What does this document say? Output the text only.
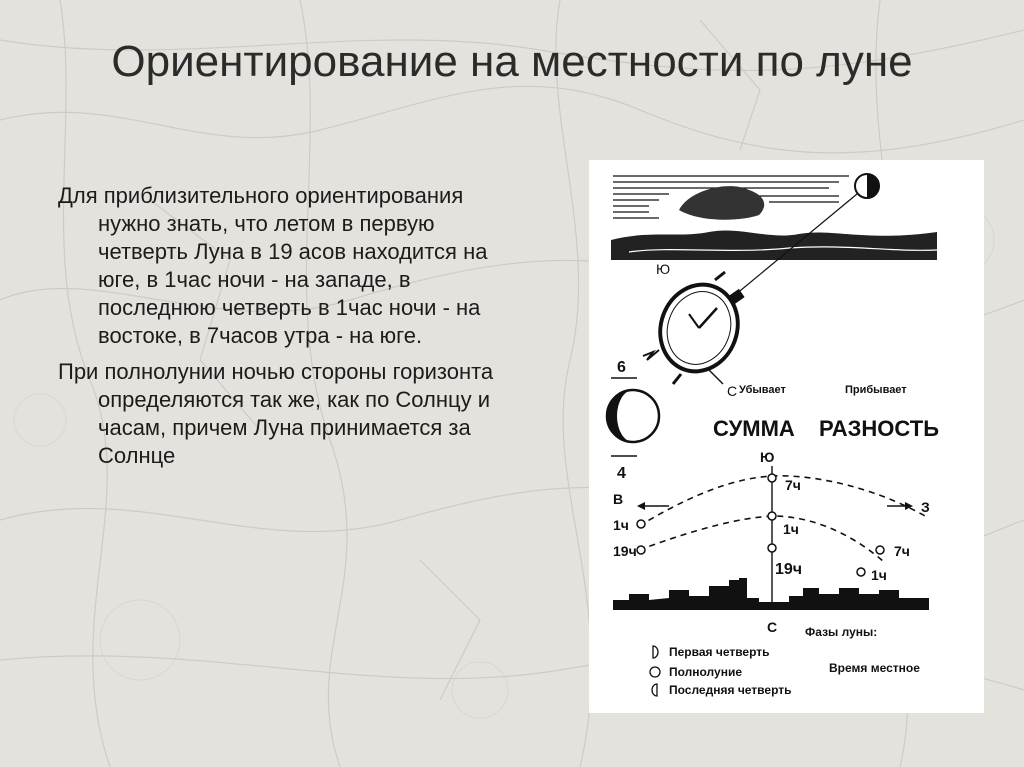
Ориентирование на местности по луне

Для приблизительного ориентирования нужно знать, что летом в первую четверть Луна в 19 асов находится на юге, в 1час ночи - на западе, в последнюю четверть в 1час ночи - на востоке, в 7часов утра - на юге.

При полнолунии ночью стороны горизонта определяются так же, как по Солнцу и часам, причем Луна принимается за Солнце

Ю
С
6
4
Убывает	Прибывает
СУММА РАЗНОСТЬ
Ю
В	З
7ч
1ч
19ч
1ч
19ч	7ч
1ч
С Фазы луны:
Первая четверть
Полнолуние	Время местное
Последняя четверть
